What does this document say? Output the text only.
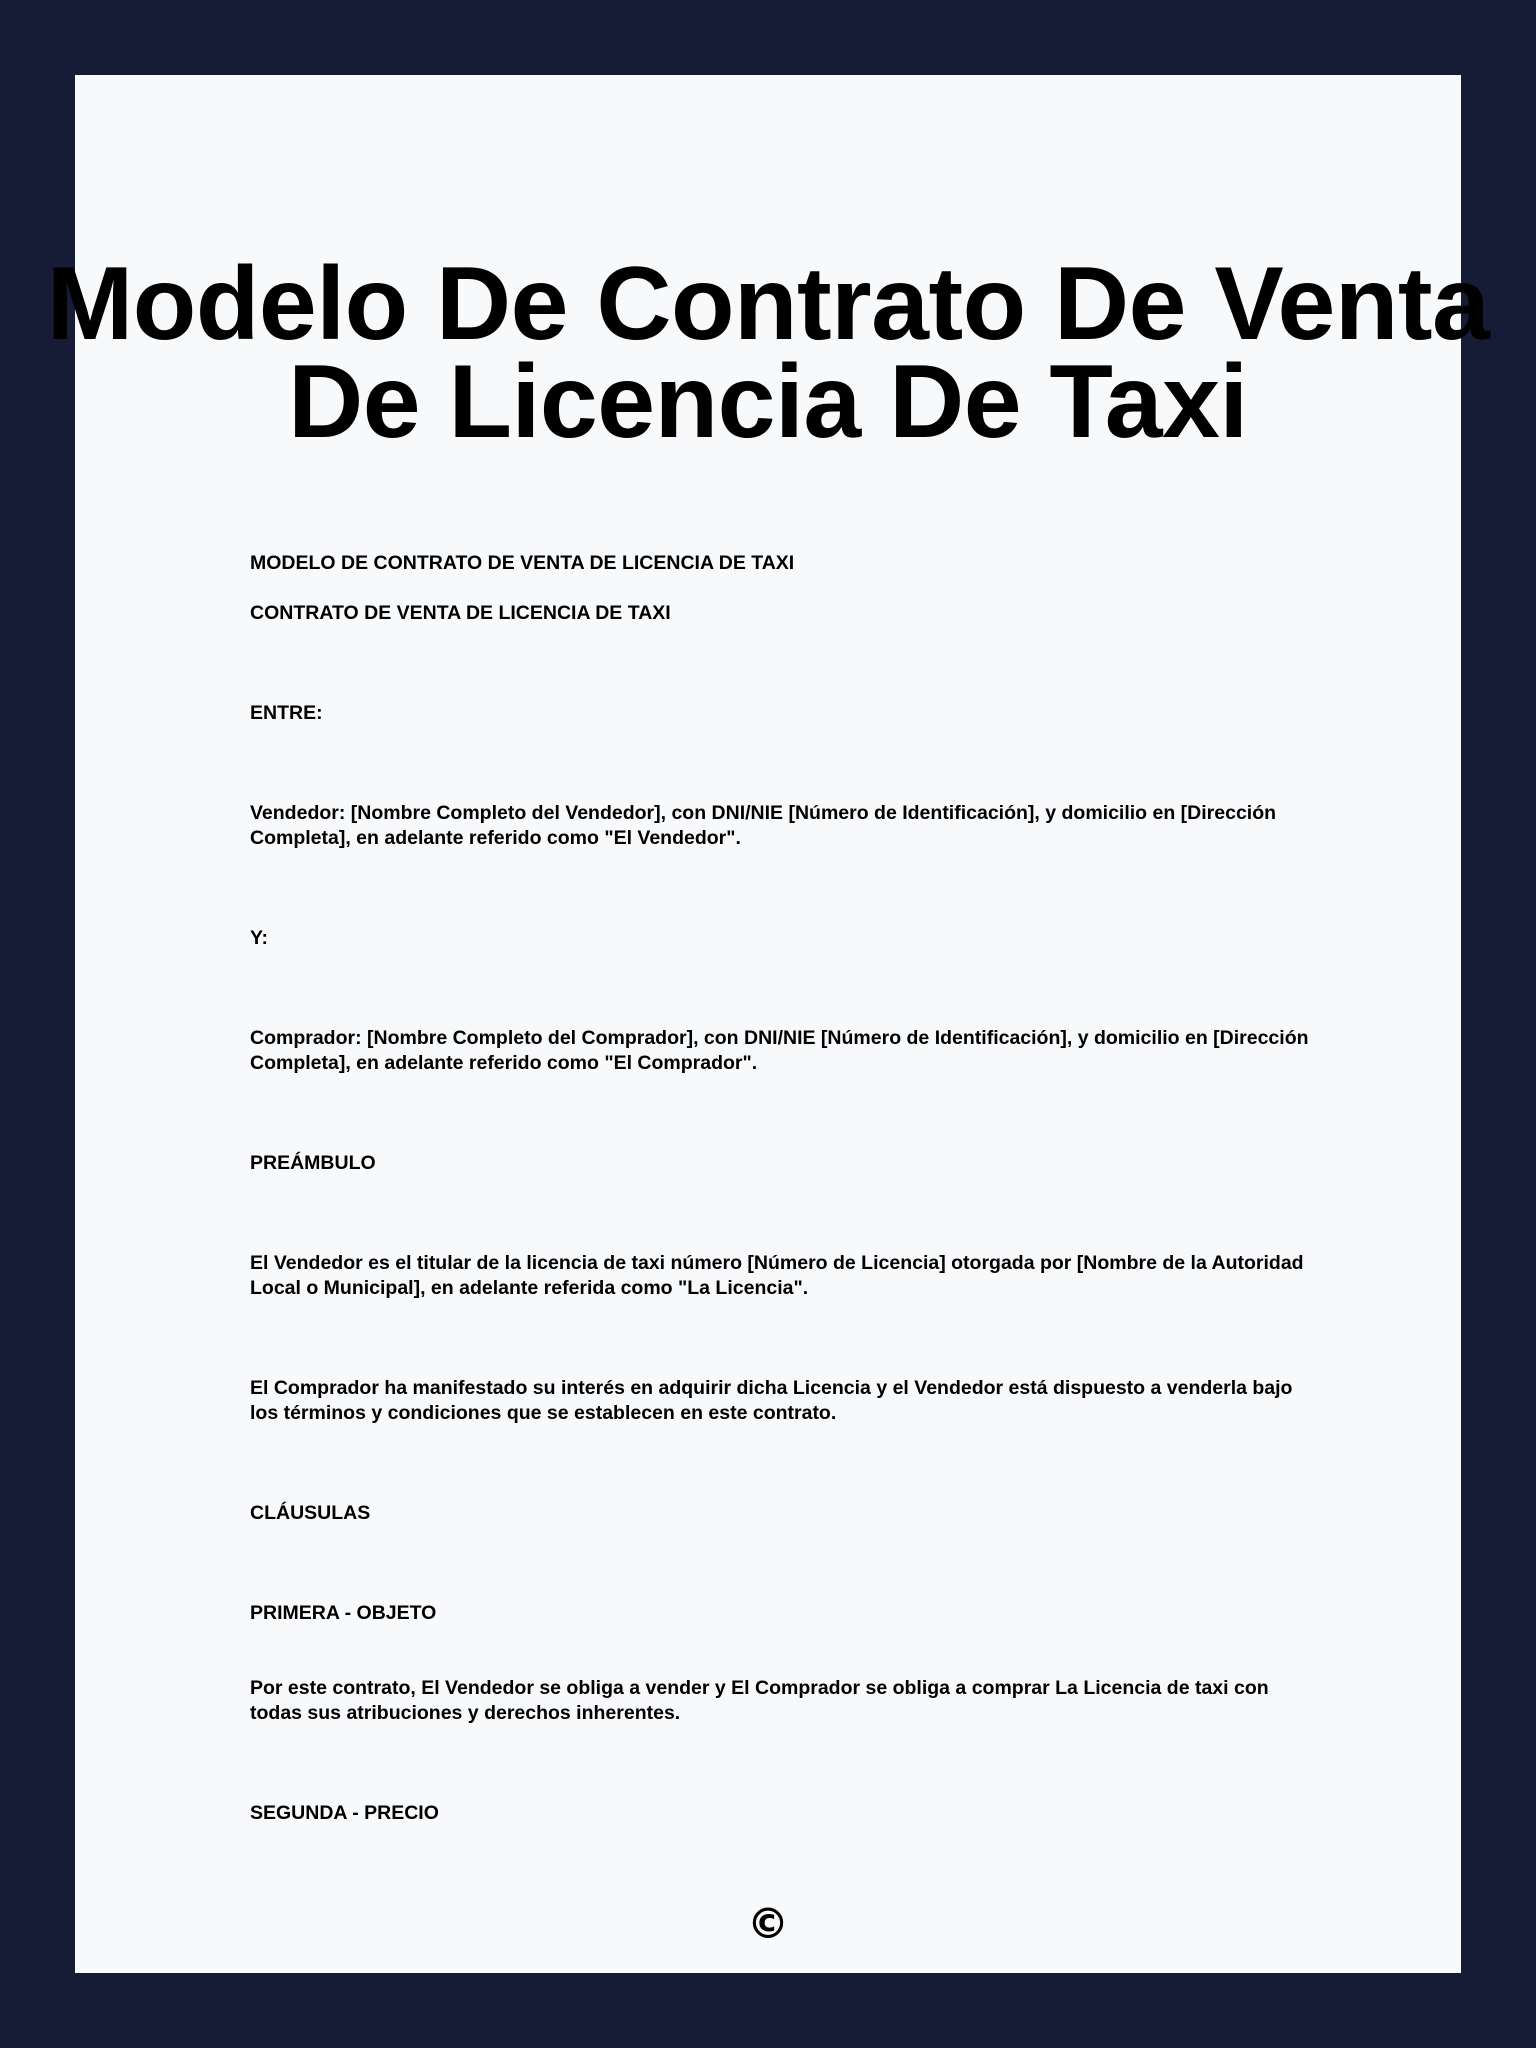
Modelo De Contrato De Venta De Licencia De Taxi

MODELO DE CONTRATO DE VENTA DE LICENCIA DE TAXI

CONTRATO DE VENTA DE LICENCIA DE TAXI

ENTRE:

Vendedor: [Nombre Completo del Vendedor], con DNI/NIE [Número de Identificación], y domicilio en [Dirección Completa], en adelante referido como "El Vendedor".

Y:

Comprador: [Nombre Completo del Comprador], con DNI/NIE [Número de Identificación], y domicilio en [Dirección Completa], en adelante referido como "El Comprador".

PREÁMBULO

El Vendedor es el titular de la licencia de taxi número [Número de Licencia] otorgada por [Nombre de la Autoridad Local o Municipal], en adelante referida como "La Licencia".

El Comprador ha manifestado su interés en adquirir dicha Licencia y el Vendedor está dispuesto a venderla bajo los términos y condiciones que se establecen en este contrato.

CLÁUSULAS

PRIMERA - OBJETO

Por este contrato, El Vendedor se obliga a vender y El Comprador se obliga a comprar La Licencia de taxi con todas sus atribuciones y derechos inherentes.

SEGUNDA - PRECIO

©
